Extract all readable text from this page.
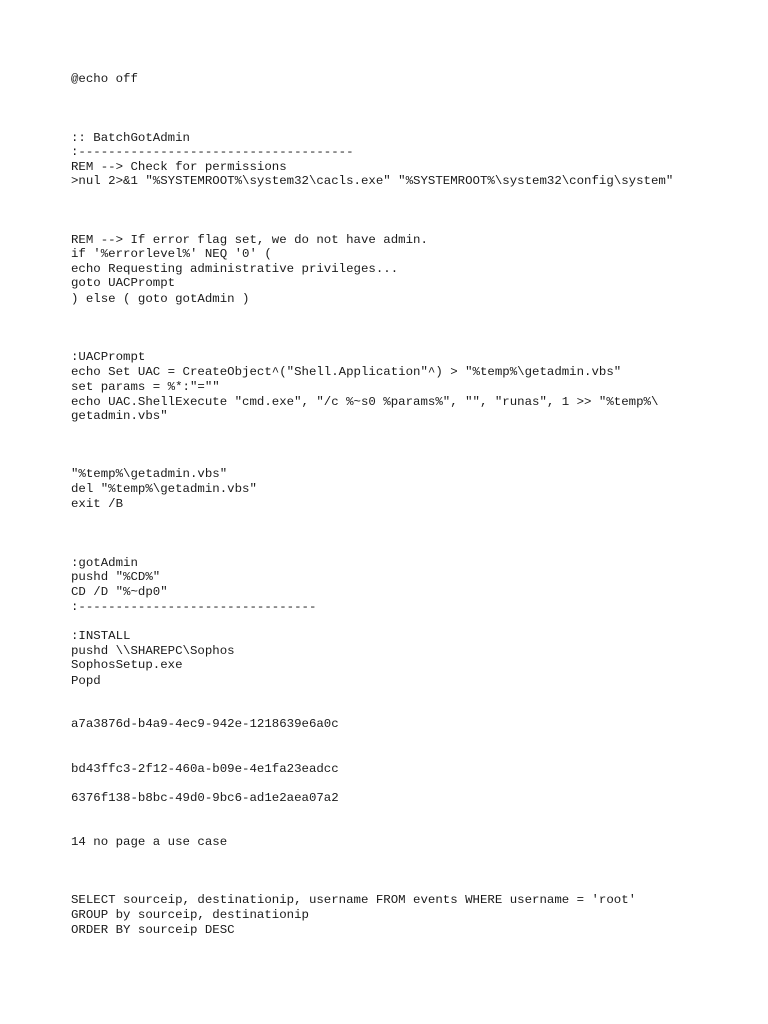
@echo off
:: BatchGotAdmin
:-------------------------------------
REM --> Check for permissions
>nul 2>&1 "%SYSTEMROOT%\system32\cacls.exe" "%SYSTEMROOT%\system32\config\system"
REM --> If error flag set, we do not have admin.
if '%errorlevel%' NEQ '0' (
echo Requesting administrative privileges...
goto UACPrompt
) else ( goto gotAdmin )
:UACPrompt
echo Set UAC = CreateObject^("Shell.Application"^) > "%temp%\getadmin.vbs"
set params = %*:"=""
echo UAC.ShellExecute "cmd.exe", "/c %~s0 %params%", "", "runas", 1 >> "%temp%\
getadmin.vbs"
"%temp%\getadmin.vbs"
del "%temp%\getadmin.vbs"
exit /B
:gotAdmin
pushd "%CD%"
CD /D "%~dp0"
:--------------------------------
:INSTALL
pushd \\SHAREPC\Sophos
SophosSetup.exe
Popd
a7a3876d-b4a9-4ec9-942e-1218639e6a0c
bd43ffc3-2f12-460a-b09e-4e1fa23eadcc
6376f138-b8bc-49d0-9bc6-ad1e2aea07a2
14 no page a use case
SELECT sourceip, destinationip, username FROM events WHERE username = 'root'
GROUP by sourceip, destinationip
ORDER BY sourceip DESC
